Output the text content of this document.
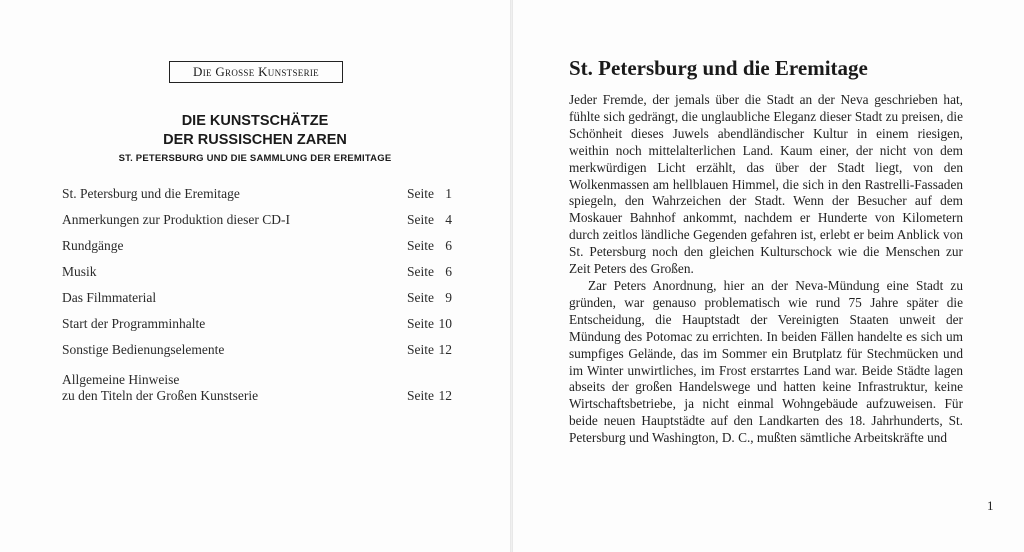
Die Grosse Kunstserie
DIE KUNSTSCHÄTZE
DER RUSSISCHEN ZAREN
ST. PETERSBURG UND DIE SAMMLUNG DER EREMITAGE
St. Petersburg und die Eremitage	Seite 1
Anmerkungen zur Produktion dieser CD-I	Seite 4
Rundgänge	Seite 6
Musik	Seite 6
Das Filmmaterial	Seite 9
Start der Programminhalte	Seite 10
Sonstige Bedienungselemente	Seite 12
Allgemeine Hinweise
zu den Titeln der Großen Kunstserie	Seite 12
St. Petersburg und die Eremitage

Jeder Fremde, der jemals über die Stadt an der Neva geschrieben hat, fühlte sich gedrängt, die unglaubliche Eleganz dieser Stadt zu preisen, die Schönheit dieses Juwels abendländischer Kultur in einem riesigen, weithin noch mittelalterlichen Land. Kaum einer, der nicht von dem merkwürdigen Licht erzählt, das über der Stadt liegt, von den Wolkenmassen am hellblauen Himmel, die sich in den Rastrelli-Fassaden spiegeln, den Wahrzeichen der Stadt. Wenn der Besucher auf dem Moskauer Bahnhof ankommt, nachdem er Hunderte von Kilometern durch zeitlos ländliche Gegenden gefahren ist, erlebt er beim Anblick von St. Petersburg noch den gleichen Kulturschock wie die Menschen zur Zeit Peters des Großen.

Zar Peters Anordnung, hier an der Neva-Mündung eine Stadt zu gründen, war genauso problematisch wie rund 75 Jahre später die Entscheidung, die Hauptstadt der Vereinigten Staaten unweit der Mündung des Potomac zu errichten. In beiden Fällen handelte es sich um sumpfiges Gelände, das im Sommer ein Brutplatz für Stechmücken und im Winter unwirtliches, im Frost erstarrtes Land war. Beide Städte lagen abseits der großen Handelswege und hatten keine Infrastruktur, keine Wirtschaftsbetriebe, ja nicht einmal Wohngebäude aufzuweisen. Für beide neuen Hauptstädte auf den Landkarten des 18. Jahrhunderts, St. Petersburg und Washington, D. C., mußten sämtliche Arbeitskräfte und

1
